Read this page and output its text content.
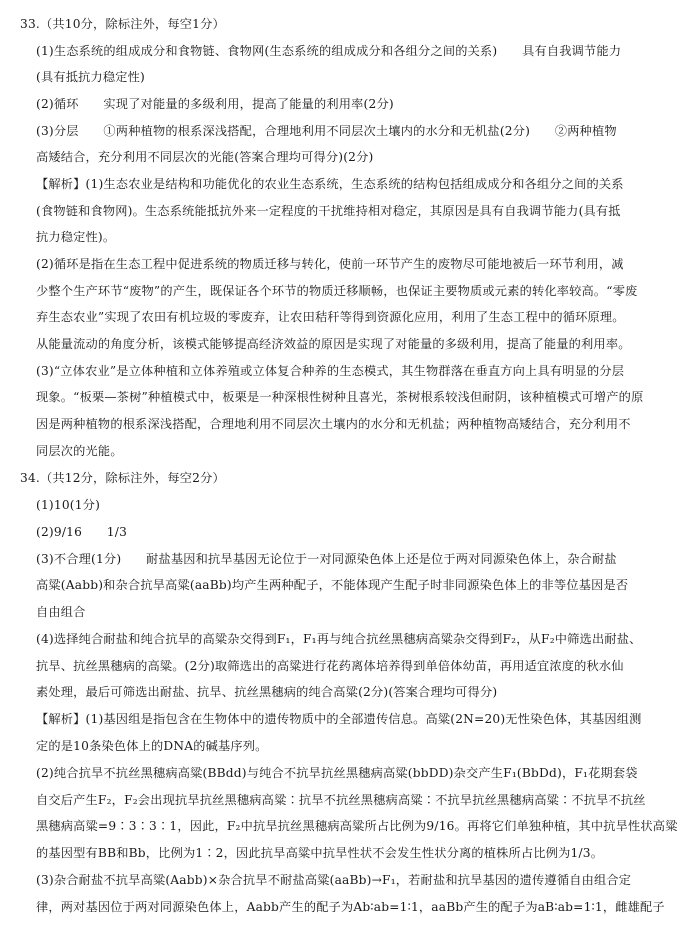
33.（共10分，除标注外，每空1分）
(1)生态系统的组成成分和食物链、食物网(生态系统的组成成分和各组分之间的关系)　　具有自我调节能力
(具有抵抗力稳定性)
(2)循环　　实现了对能量的多级利用，提高了能量的利用率(2分)
(3)分层　　①两种植物的根系深浅搭配，合理地利用不同层次土壤内的水分和无机盐(2分)　　②两种植物
高矮结合，充分利用不同层次的光能(答案合理均可得分)(2分)
【解析】(1)生态农业是结构和功能优化的农业生态系统，生态系统的结构包括组成成分和各组分之间的关系
(食物链和食物网)。生态系统能抵抗外来一定程度的干扰维持相对稳定，其原因是具有自我调节能力(具有抵
抗力稳定性)。
(2)循环是指在生态工程中促进系统的物质迁移与转化，使前一环节产生的废物尽可能地被后一环节利用，减
少整个生产环节“废物”的产生，既保证各个环节的物质迁移顺畅，也保证主要物质或元素的转化率较高。“零废
弃生态农业”实现了农田有机垃圾的零废弃，让农田秸秆等得到资源化应用，利用了生态工程中的循环原理。
从能量流动的角度分析，该模式能够提高经济效益的原因是实现了对能量的多级利用，提高了能量的利用率。
(3)“立体农业”是立体种植和立体养殖或立体复合种养的生态模式，其生物群落在垂直方向上具有明显的分层
现象。“板栗—茶树”种植模式中，板栗是一种深根性树种且喜光，茶树根系较浅但耐阴，该种植模式可增产的原
因是两种植物的根系深浅搭配，合理地利用不同层次土壤内的水分和无机盐；两种植物高矮结合，充分利用不
同层次的光能。
34.（共12分，除标注外，每空2分）
(1)10(1分)
(2)9/16　　1/3
(3)不合理(1分)　　耐盐基因和抗旱基因无论位于一对同源染色体上还是位于两对同源染色体上，杂合耐盐
高粱(Aabb)和杂合抗旱高粱(aaBb)均产生两种配子，不能体现产生配子时非同源染色体上的非等位基因是否
自由组合
(4)选择纯合耐盐和纯合抗旱的高粱杂交得到F₁，F₁再与纯合抗丝黑穗病高粱杂交得到F₂，从F₂中筛选出耐盐、
抗旱、抗丝黑穗病的高粱。(2分)取筛选出的高粱进行花药离体培养得到单倍体幼苗，再用适宜浓度的秋水仙
素处理，最后可筛选出耐盐、抗旱、抗丝黑穗病的纯合高粱(2分)(答案合理均可得分)
【解析】(1)基因组是指包含在生物体中的遗传物质中的全部遗传信息。高粱(2N=20)无性染色体，其基因组测
定的是10条染色体上的DNA的碱基序列。
(2)纯合抗旱不抗丝黑穗病高粱(BBdd)与纯合不抗旱抗丝黑穗病高粱(bbDD)杂交产生F₁(BbDd)，F₁花期套袋
自交后产生F₂，F₂会出现抗旱抗丝黑穗病高粱∶抗旱不抗丝黑穗病高粱∶不抗旱抗丝黑穗病高粱∶不抗旱不抗丝
黑穗病高粱=9∶3∶3∶1，因此，F₂中抗旱抗丝黑穗病高粱所占比例为9/16。再将它们单独种植，其中抗旱性状高粱
的基因型有BB和Bb，比例为1∶2，因此抗旱高粱中抗旱性状不会发生性状分离的植株所占比例为1/3。
(3)杂合耐盐不抗旱高粱(Aabb)×杂合抗旱不耐盐高粱(aaBb)→F₁，若耐盐和抗旱基因的遗传遵循自由组合定
律，两对基因位于两对同源染色体上，Aabb产生的配子为Ab∶ab=1∶1，aaBb产生的配子为aB∶ab=1∶1，雌雄配子
